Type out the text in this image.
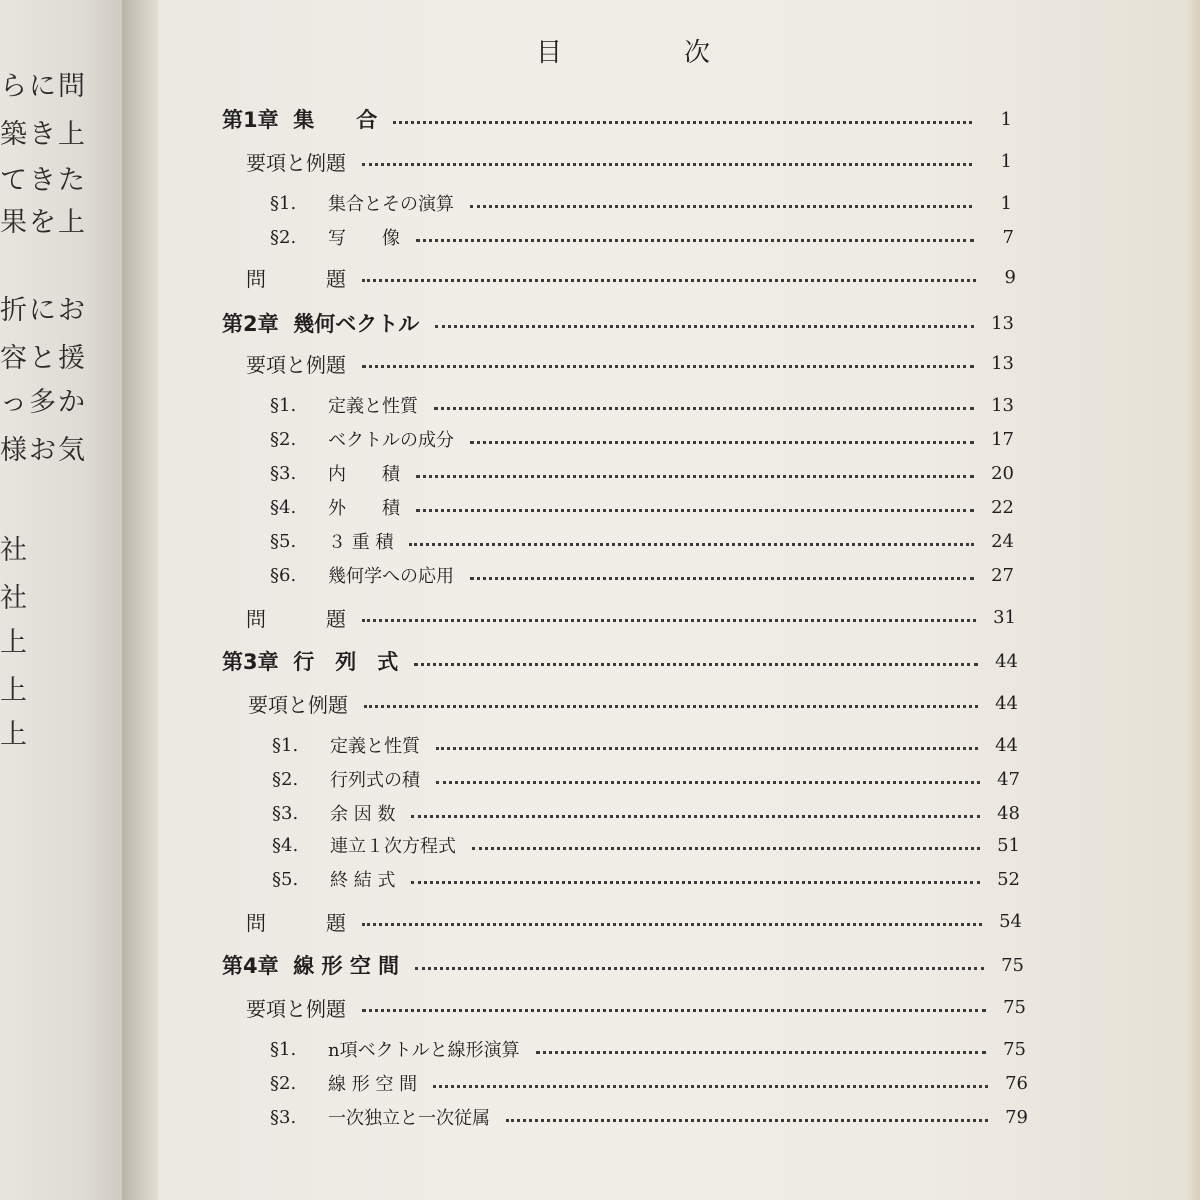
らに問
築き上
てきた
果を上
折にお
容と援
っ多か
様お気
社
社
上
上
上
目	次
第1章  集　　合	1
要項と例題	1
§1.	集合とその演算	1
§2.	写　　像	7
問　　　題	9
第2章  幾何ベクトル	13
要項と例題	13
§1.	定義と性質	13
§2.	ベクトルの成分	17
§3.	内　　積	20
§4.	外　　積	22
§5.	３ 重 積	24
§6.	幾何学への応用	27
問　　　題	31
第3章  行　列　式	44
要項と例題	44
§1.	定義と性質	44
§2.	行列式の積	47
§3.	余 因 数	48
§4.	連立１次方程式	51
§5.	終 結 式	52
問　　　題	54
第4章  線 形 空 間	75
要項と例題	75
§1.	n項ベクトルと線形演算	75
§2.	線 形 空 間	76
§3.	一次独立と一次従属	79
